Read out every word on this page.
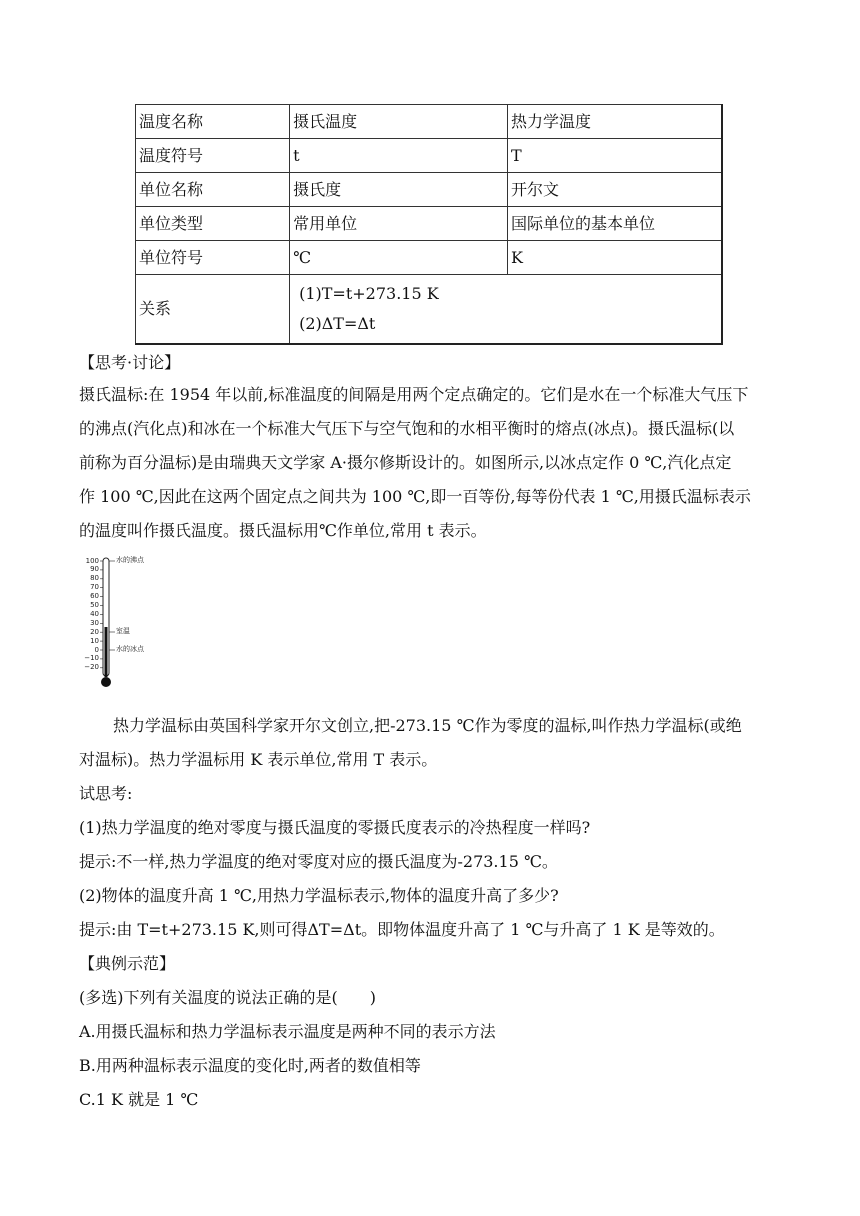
温度名称	摄氏温度	热力学温度
温度符号	t	T
单位名称	摄氏度	开尔文
单位类型	常用单位	国际单位的基本单位
单位符号	℃	K
关系	(1)T=t+273.15 K
(2)ΔT=Δt	
【思考·讨论】
摄氏温标:在 1954 年以前,标准温度的间隔是用两个定点确定的。它们是水在一个标准大气压下
的沸点(汽化点)和冰在一个标准大气压下与空气饱和的水相平衡时的熔点(冰点)。摄氏温标(以
前称为百分温标)是由瑞典天文学家 A·摄尔修斯设计的。如图所示,以冰点定作 0 ℃,汽化点定
作 100 ℃,因此在这两个固定点之间共为 100 ℃,即一百等份,每等份代表 1 ℃,用摄氏温标表示
的温度叫作摄氏温度。摄氏温标用℃作单位,常用 t 表示。
100
90
80
70
60
50
40
30
20
10
0
−10
−20
水的沸点
室温
水的冰点
热力学温标由英国科学家开尔文创立,把-273.15 ℃作为零度的温标,叫作热力学温标(或绝
对温标)。热力学温标用 K 表示单位,常用 T 表示。
试思考:
(1)热力学温度的绝对零度与摄氏温度的零摄氏度表示的冷热程度一样吗?
提示:不一样,热力学温度的绝对零度对应的摄氏温度为-273.15 ℃。
(2)物体的温度升高 1 ℃,用热力学温标表示,物体的温度升高了多少?
提示:由 T=t+273.15 K,则可得ΔT=Δt。即物体温度升高了 1 ℃与升高了 1 K 是等效的。
【典例示范】
(多选)下列有关温度的说法正确的是(　　)
A.用摄氏温标和热力学温标表示温度是两种不同的表示方法
B.用两种温标表示温度的变化时,两者的数值相等
C.1 K 就是 1 ℃
